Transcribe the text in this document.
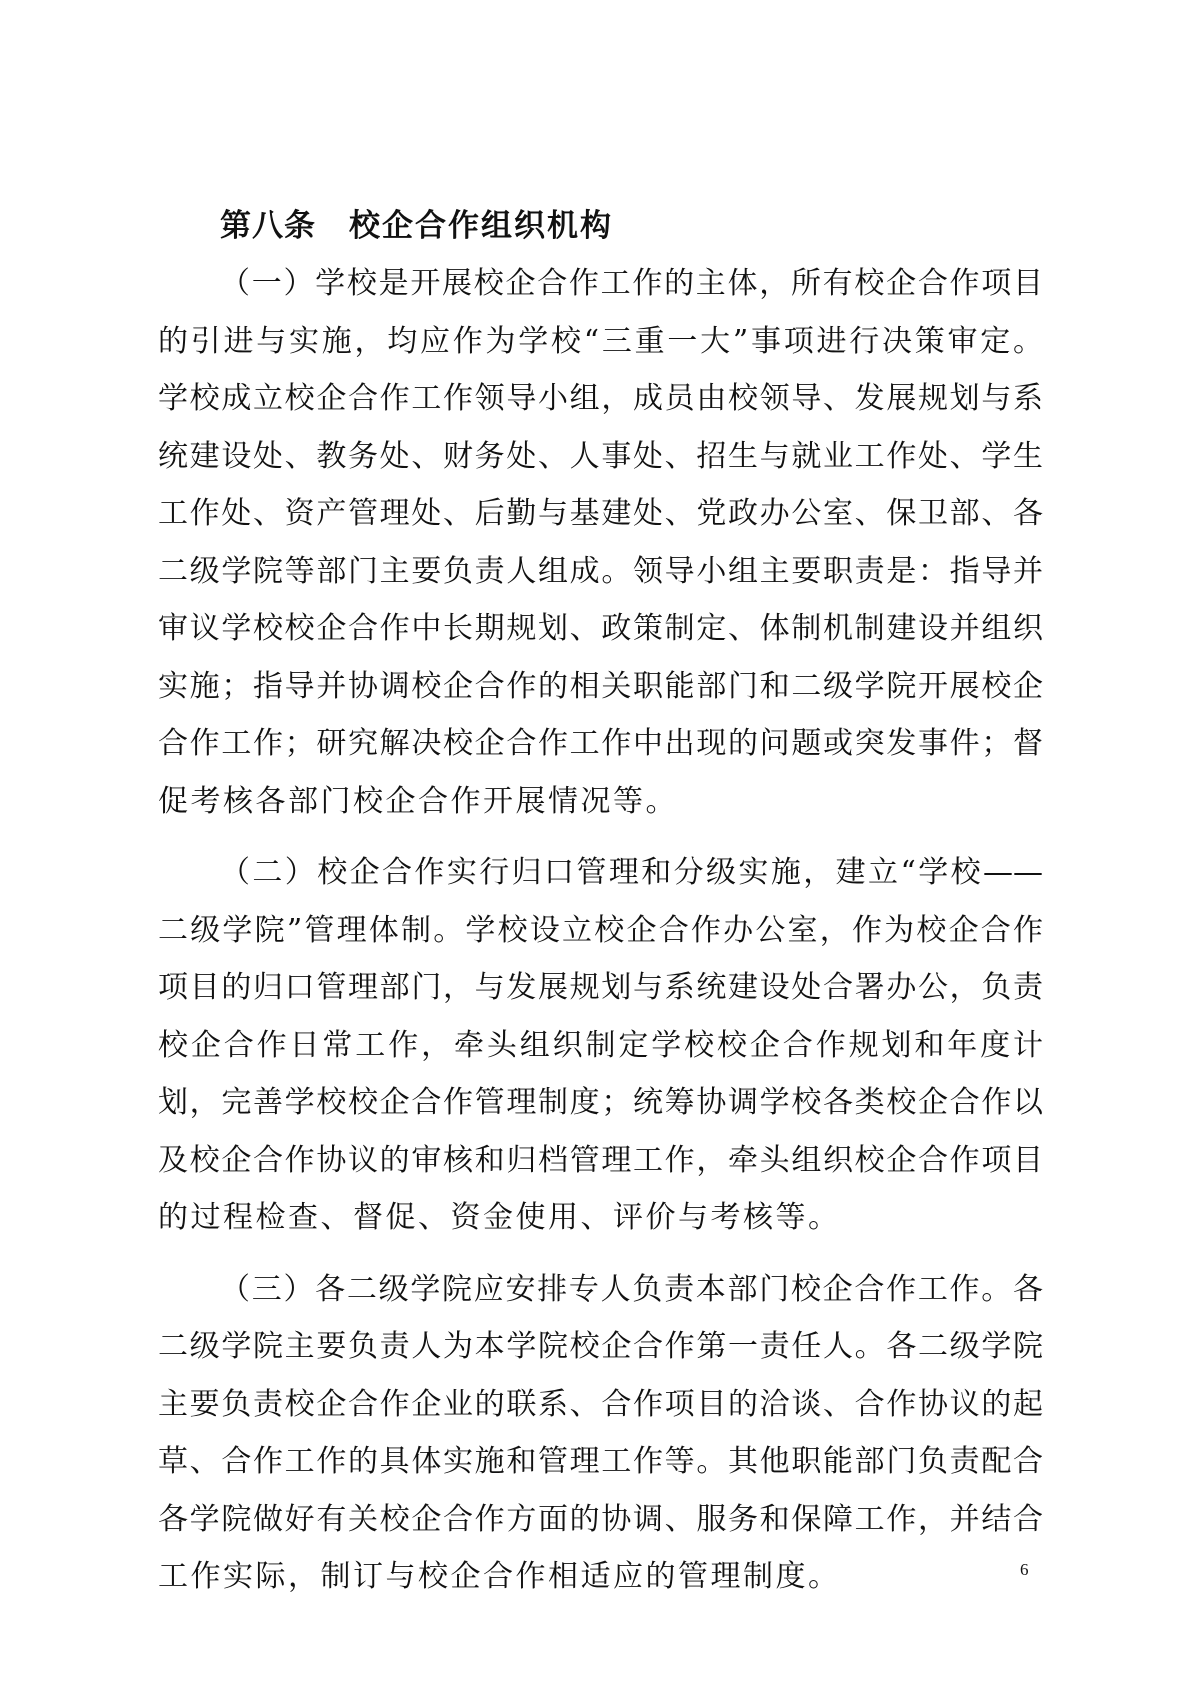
第八条 校企合作组织机构
（一）学校是开展校企合作工作的主体，所有校企合作项目
的引进与实施，均应作为学校“三重一大”事项进行决策审定。
学校成立校企合作工作领导小组，成员由校领导、发展规划与系
统建设处、教务处、财务处、人事处、招生与就业工作处、学生
工作处、资产管理处、后勤与基建处、党政办公室、保卫部、各
二级学院等部门主要负责人组成。领导小组主要职责是：指导并
审议学校校企合作中长期规划、政策制定、体制机制建设并组织
实施；指导并协调校企合作的相关职能部门和二级学院开展校企
合作工作；研究解决校企合作工作中出现的问题或突发事件；督
促考核各部门校企合作开展情况等。
（二）校企合作实行归口管理和分级实施，建立“学校——
二级学院”管理体制。学校设立校企合作办公室，作为校企合作
项目的归口管理部门，与发展规划与系统建设处合署办公，负责
校企合作日常工作，牵头组织制定学校校企合作规划和年度计
划，完善学校校企合作管理制度；统筹协调学校各类校企合作以
及校企合作协议的审核和归档管理工作，牵头组织校企合作项目
的过程检查、督促、资金使用、评价与考核等。
（三）各二级学院应安排专人负责本部门校企合作工作。各
二级学院主要负责人为本学院校企合作第一责任人。各二级学院
主要负责校企合作企业的联系、合作项目的洽谈、合作协议的起
草、合作工作的具体实施和管理工作等。其他职能部门负责配合
各学院做好有关校企合作方面的协调、服务和保障工作，并结合
工作实际，制订与校企合作相适应的管理制度。	6
